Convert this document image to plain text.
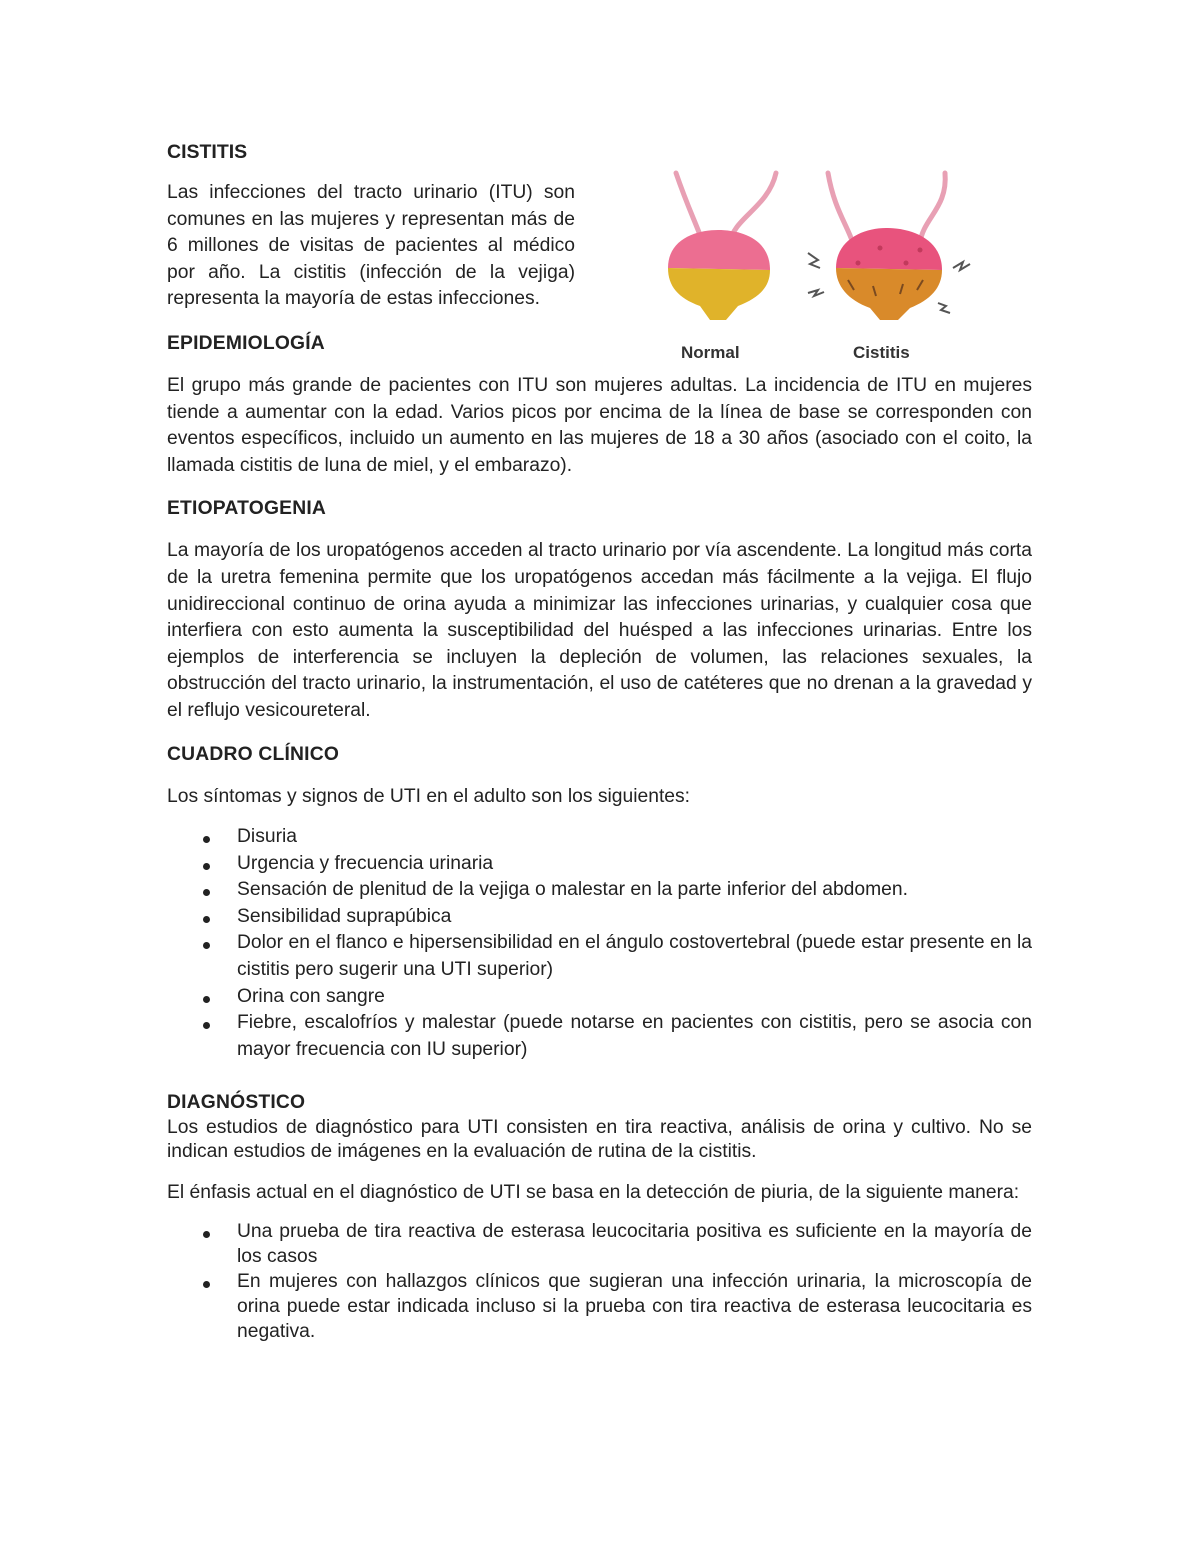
CISTITIS

Las infecciones del tracto urinario (ITU) son comunes en las mujeres y representan más de 6 millones de visitas de pacientes al médico por año. La cistitis (infección de la vejiga) representa la mayoría de estas infecciones.

Normal	Cistitis
EPIDEMIOLOGÍA

El grupo más grande de pacientes con ITU son mujeres adultas. La incidencia de ITU en mujeres tiende a aumentar con la edad. Varios picos por encima de la línea de base se corresponden con eventos específicos, incluido un aumento en las mujeres de 18 a 30 años (asociado con el coito, la llamada cistitis de luna de miel, y el embarazo).

ETIOPATOGENIA

La mayoría de los uropatógenos acceden al tracto urinario por vía ascendente. La longitud más corta de la uretra femenina permite que los uropatógenos accedan más fácilmente a la vejiga. El flujo unidireccional continuo de orina ayuda a minimizar las infecciones urinarias, y cualquier cosa que interfiera con esto aumenta la susceptibilidad del huésped a las infecciones urinarias. Entre los ejemplos de interferencia se incluyen la depleción de volumen, las relaciones sexuales, la obstrucción del tracto urinario, la instrumentación, el uso de catéteres que no drenan a la gravedad y el reflujo vesicoureteral.

CUADRO CLÍNICO

Los síntomas y signos de UTI en el adulto son los siguientes:

Disuria
Urgencia y frecuencia urinaria
Sensación de plenitud de la vejiga o malestar en la parte inferior del abdomen.
Sensibilidad suprapúbica
Dolor en el flanco e hipersensibilidad en el ángulo costovertebral (puede estar presente en la cistitis pero sugerir una UTI superior)
Orina con sangre
Fiebre, escalofríos y malestar (puede notarse en pacientes con cistitis, pero se asocia con mayor frecuencia con IU superior)
DIAGNÓSTICO

Los estudios de diagnóstico para UTI consisten en tira reactiva, análisis de orina y cultivo. No se indican estudios de imágenes en la evaluación de rutina de la cistitis.

El énfasis actual en el diagnóstico de UTI se basa en la detección de piuria, de la siguiente manera:

Una prueba de tira reactiva de esterasa leucocitaria positiva es suficiente en la mayoría de los casos
En mujeres con hallazgos clínicos que sugieran una infección urinaria, la microscopía de orina puede estar indicada incluso si la prueba con tira reactiva de esterasa leucocitaria es negativa.
